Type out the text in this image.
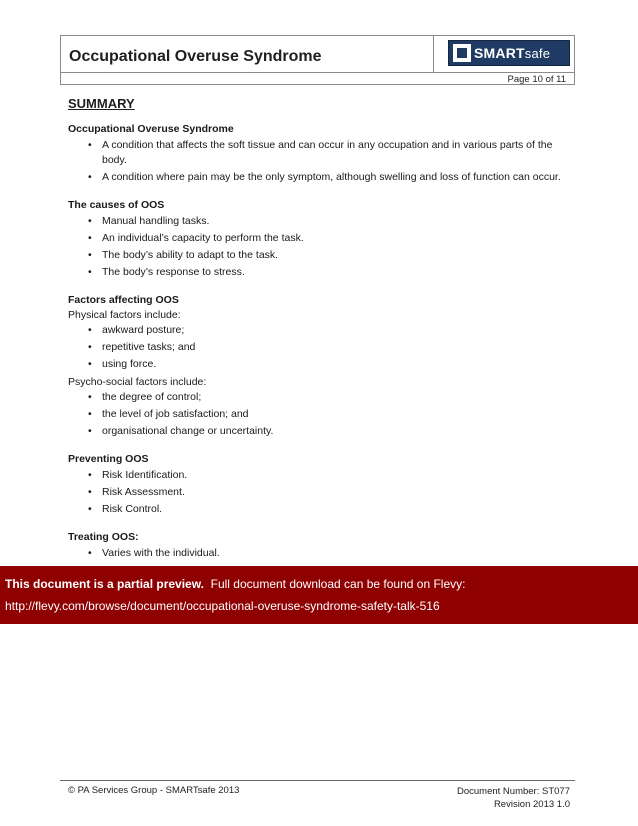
Occupational Overuse Syndrome	SMARTsafe
Page 10 of 11
SUMMARY
Occupational Overuse Syndrome
• A condition that affects the soft tissue and can occur in any occupation and in various parts of the body.
• A condition where pain may be the only symptom, although swelling and loss of function can occur.
The causes of OOS
• Manual handling tasks.
• An individual’s capacity to perform the task.
• The body’s ability to adapt to the task.
• The body’s response to stress.
Factors affecting OOS
Physical factors include:
• awkward posture;
• repetitive tasks; and
• using force.
Psycho-social factors include:
• the degree of control;
• the level of job satisfaction; and
• organisational change or uncertainty.
Preventing OOS
• Risk Identification.
• Risk Assessment.
• Risk Control.
Treating OOS:
• Varies with the individual.
This document is a partial preview. Full document download can be found on Flevy:
http://flevy.com/browse/document/occupational-overuse-syndrome-safety-talk-516
© PA Services Group - SMARTsafe 2013	Document Number: ST077
Revision 2013 1.0
